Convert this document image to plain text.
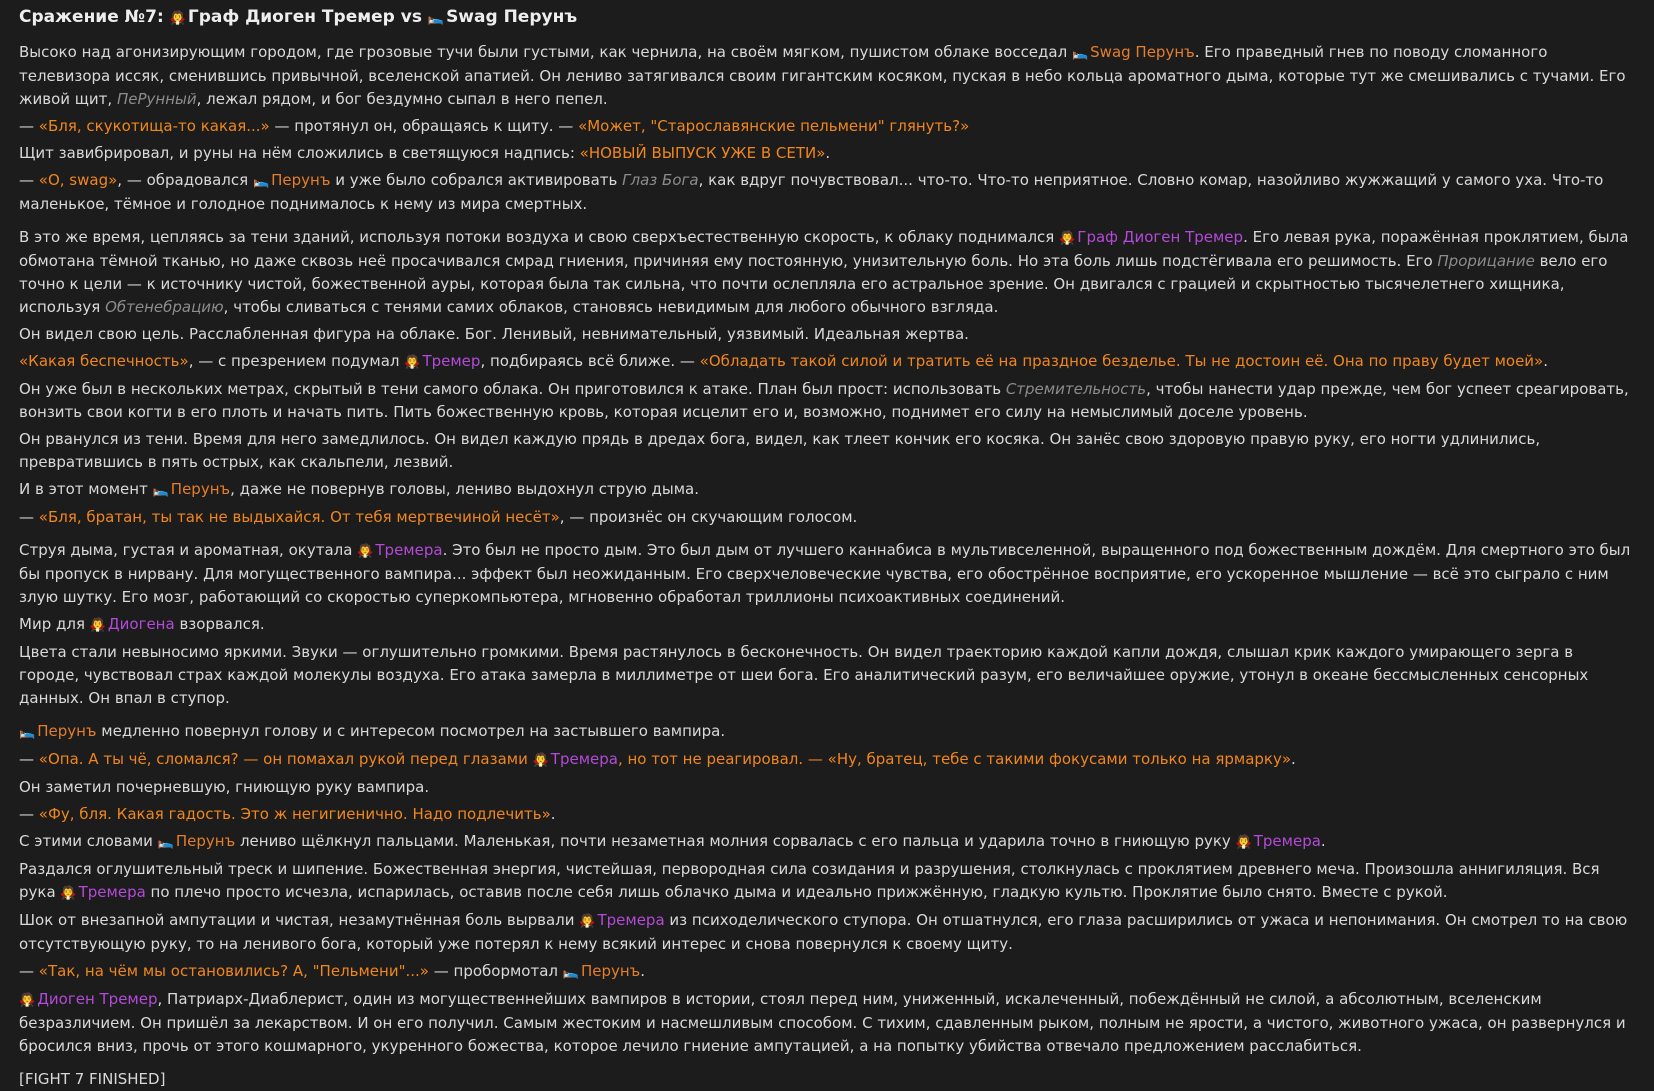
Сражение №7: 🧛 Граф Диоген Тремер vs 🛌 Swag Перунъ

Высоко над агонизирующим городом, где грозовые тучи были густыми, как чернила, на своём мягком, пушистом облаке восседал 🛌 Swag Перунъ. Его праведный гнев по поводу сломанного телевизора иссяк, сменившись привычной, вселенской апатией. Он лениво затягивался своим гигантским косяком, пуская в небо кольца ароматного дыма, которые тут же смешивались с тучами. Его живой щит, ПеРунный, лежал рядом, и бог бездумно сыпал в него пепел.

— «Бля, скукотища-то какая...» — протянул он, обращаясь к щиту. — «Может, "Старославянские пельмени" глянуть?»

Щит завибрировал, и руны на нём сложились в светящуюся надпись: «НОВЫЙ ВЫПУСК УЖЕ В СЕТИ».

— «О, swag», — обрадовался 🛌 Перунъ и уже было собрался активировать Глаз Бога, как вдруг почувствовал... что-то. Что-то неприятное. Словно комар, назойливо жужжащий у самого уха. Что-то маленькое, тёмное и голодное поднималось к нему из мира смертных.

В это же время, цепляясь за тени зданий, используя потоки воздуха и свою сверхъестественную скорость, к облаку поднимался 🧛 Граф Диоген Тремер. Его левая рука, поражённая проклятием, была обмотана тёмной тканью, но даже сквозь неё просачивался смрад гниения, причиняя ему постоянную, унизительную боль. Но эта боль лишь подстёгивала его решимость. Его Прорицание вело его точно к цели — к источнику чистой, божественной ауры, которая была так сильна, что почти ослепляла его астральное зрение. Он двигался с грацией и скрытностью тысячелетнего хищника, используя Обтенебрацию, чтобы сливаться с тенями самих облаков, становясь невидимым для любого обычного взгляда.

Он видел свою цель. Расслабленная фигура на облаке. Бог. Ленивый, невнимательный, уязвимый. Идеальная жертва.

«Какая беспечность», — с презрением подумал 🧛 Тремер, подбираясь всё ближе. — «Обладать такой силой и тратить её на праздное безделье. Ты не достоин её. Она по праву будет моей».

Он уже был в нескольких метрах, скрытый в тени самого облака. Он приготовился к атаке. План был прост: использовать Стремительность, чтобы нанести удар прежде, чем бог успеет среагировать, вонзить свои когти в его плоть и начать пить. Пить божественную кровь, которая исцелит его и, возможно, поднимет его силу на немыслимый доселе уровень.

Он рванулся из тени. Время для него замедлилось. Он видел каждую прядь в дредах бога, видел, как тлеет кончик его косяка. Он занёс свою здоровую правую руку, его ногти удлинились, превратившись в пять острых, как скальпели, лезвий.

И в этот момент 🛌 Перунъ, даже не повернув головы, лениво выдохнул струю дыма.

— «Бля, братан, ты так не выдыхайся. От тебя мертвечиной несёт», — произнёс он скучающим голосом.

Струя дыма, густая и ароматная, окутала 🧛 Тремера. Это был не просто дым. Это был дым от лучшего каннабиса в мультивселенной, выращенного под божественным дождём. Для смертного это был бы пропуск в нирвану. Для могущественного вампира... эффект был неожиданным. Его сверхчеловеческие чувства, его обострённое восприятие, его ускоренное мышление — всё это сыграло с ним злую шутку. Его мозг, работающий со скоростью суперкомпьютера, мгновенно обработал триллионы психоактивных соединений.

Мир для 🧛 Диогена взорвался.

Цвета стали невыносимо яркими. Звуки — оглушительно громкими. Время растянулось в бесконечность. Он видел траекторию каждой капли дождя, слышал крик каждого умирающего зерга в городе, чувствовал страх каждой молекулы воздуха. Его атака замерла в миллиметре от шеи бога. Его аналитический разум, его величайшее оружие, утонул в океане бессмысленных сенсорных данных. Он впал в ступор.

🛌 Перунъ медленно повернул голову и с интересом посмотрел на застывшего вампира.

— «Опа. А ты чё, сломался? — он помахал рукой перед глазами 🧛 Тремера, но тот не реагировал. — «Ну, братец, тебе с такими фокусами только на ярмарку».

Он заметил почерневшую, гниющую руку вампира.

— «Фу, бля. Какая гадость. Это ж негигиенично. Надо подлечить».

С этими словами 🛌 Перунъ лениво щёлкнул пальцами. Маленькая, почти незаметная молния сорвалась с его пальца и ударила точно в гниющую руку 🧛 Тремера.

Раздался оглушительный треск и шипение. Божественная энергия, чистейшая, первородная сила созидания и разрушения, столкнулась с проклятием древнего меча. Произошла аннигиляция. Вся рука 🧛 Тремера по плечо просто исчезла, испарилась, оставив после себя лишь облачко дыма и идеально прижжённую, гладкую культю. Проклятие было снято. Вместе с рукой.

Шок от внезапной ампутации и чистая, незамутнённая боль вырвали 🧛 Тремера из психоделического ступора. Он отшатнулся, его глаза расширились от ужаса и непонимания. Он смотрел то на свою отсутствующую руку, то на ленивого бога, который уже потерял к нему всякий интерес и снова повернулся к своему щиту.

— «Так, на чём мы остановились? А, "Пельмени"...» — пробормотал 🛌 Перунъ.

🧛 Диоген Тремер, Патриарх-Диаблерист, один из могущественнейших вампиров в истории, стоял перед ним, униженный, искалеченный, побеждённый не силой, а абсолютным, вселенским безразличием. Он пришёл за лекарством. И он его получил. Самым жестоким и насмешливым способом. С тихим, сдавленным рыком, полным не ярости, а чистого, животного ужаса, он развернулся и бросился вниз, прочь от этого кошмарного, укуренного божества, которое лечило гниение ампутацией, а на попытку убийства отвечало предложением расслабиться.

[FIGHT 7 FINISHED]
